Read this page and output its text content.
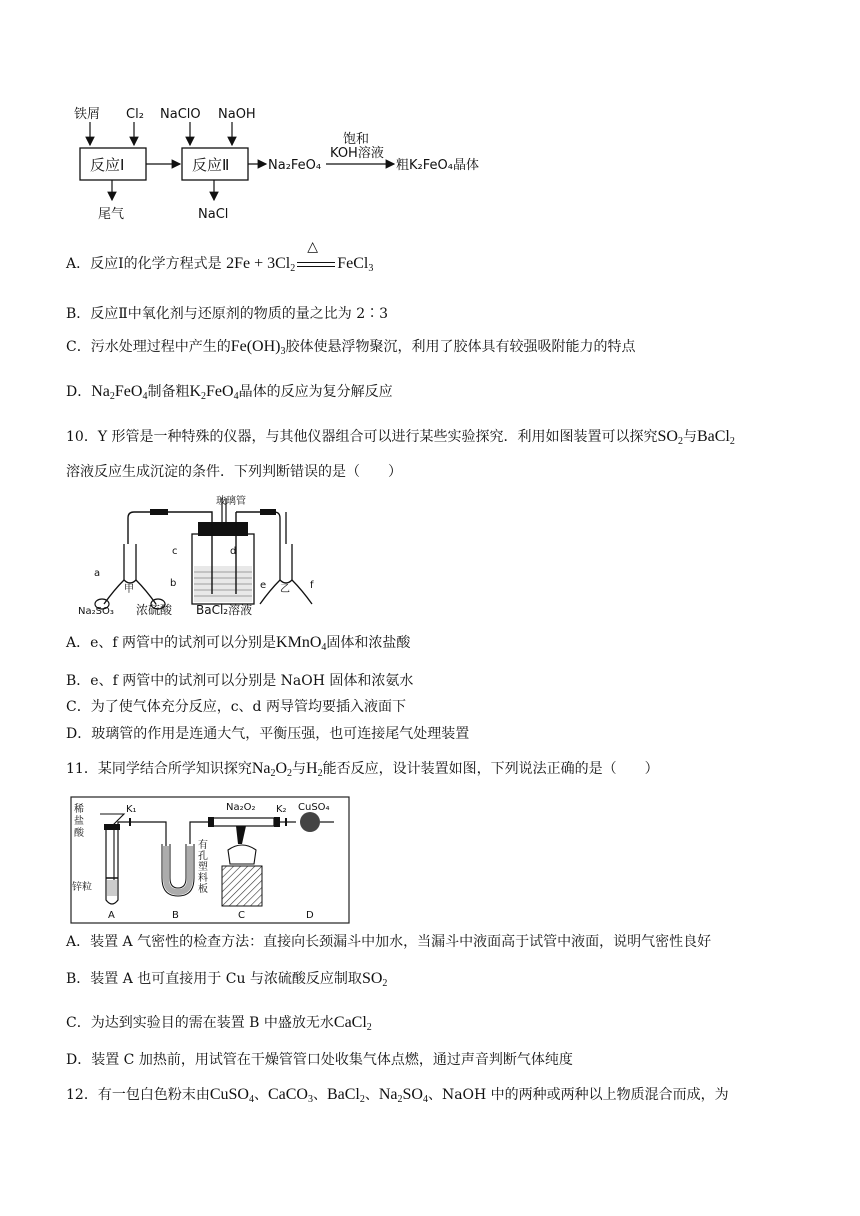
铁屑 Cl₂ NaClO NaOH
反应Ⅰ	反应Ⅱ	Na₂FeO₄
饱和
KOH溶液
粗K₂FeO₄晶体
尾气	NaCl
A．反应Ⅰ的化学方程式是 $2Fe + 3Cl_2$
△
FeCl$_3$
B．反应Ⅱ中氧化剂与还原剂的物质的量之比为 2∶3
C．污水处理过程中产生的$Fe(OH)_3$胶体使悬浮物聚沉，利用了胶体具有较强吸附能力的特点
D．$Na_2FeO_4$制备粗$K_2FeO_4$晶体的反应为复分解反应
10．Y 形管是一种特殊的仪器，与其他仪器组合可以进行某些实验探究．利用如图装置可以探究$SO_2$与BaCl$_2$
溶液反应生成沉淀的条件．下列判断错误的是（　　）
玻璃管
a
b
c	d
e	f
甲	乙
Na₂SO₃ 浓硫酸 BaCl₂溶液
A．e、f 两管中的试剂可以分别是KMnO$_4$固体和浓盐酸
B．e、f 两管中的试剂可以分别是 NaOH 固体和浓氨水
C．为了使气体充分反应，c、d 两导管均要插入液面下
D．玻璃管的作用是连通大气，平衡压强，也可连接尾气处理装置
11．某同学结合所学知识探究$Na_2O_2$与$H_2$能否反应，设计装置如图，下列说法正确的是（　　）
稀
盐
酸
K₁	K₂
Na₂O₂	CuSO₄
锌粒
有
孔
塑
料
板
A	B	C	D
A．装置 A 气密性的检查方法：直接向长颈漏斗中加水，当漏斗中液面高于试管中液面，说明气密性良好
B．装置 A 也可直接用于 Cu 与浓硫酸反应制取$SO_2$
C．为达到实验目的需在装置 B 中盛放无水CaCl$_2$
D．装置 C 加热前，用试管在干燥管管口处收集气体点燃，通过声音判断气体纯度
12．有一包白色粉末由CuSO$_4$、CaCO$_3$、BaCl$_2$、$Na_2SO_4$、NaOH 中的两种或两种以上物质混合而成，为
